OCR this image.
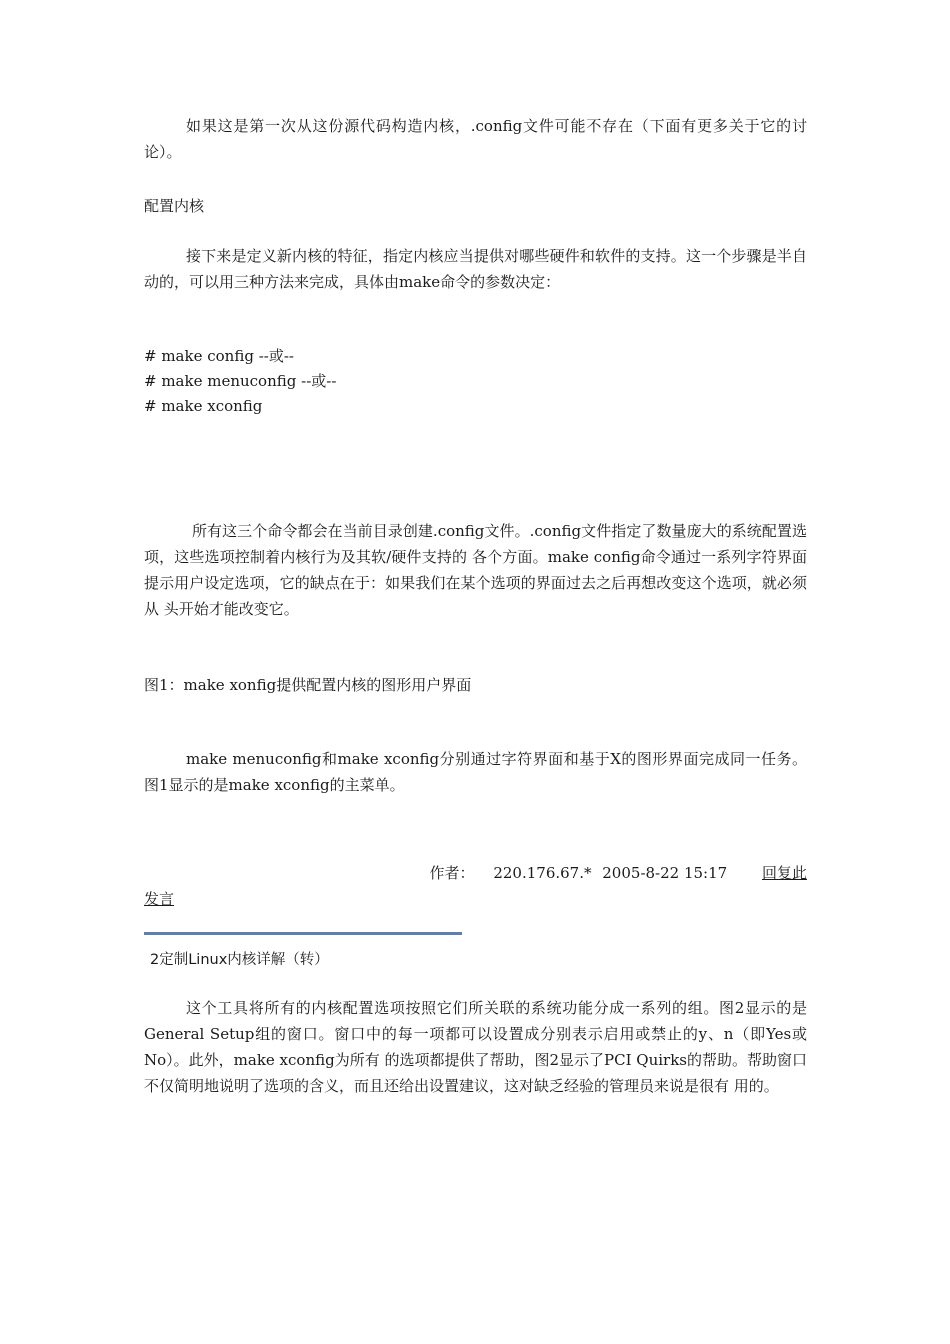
如果这是第一次从这份源代码构造内核，.config文件可能不存在（下面有更多关于它的讨论）。

配置内核

接下来是定义新内核的特征，指定内核应当提供对哪些硬件和软件的支持。这一个步骤是半自动的，可以用三种方法来完成，具体由make命令的参数决定：

# make config --或--

# make menuconfig --或--

# make xconfig

所有这三个命令都会在当前目录创建.config文件。.config文件指定了数量庞大的系统配置选项，这些选项控制着内核行为及其软/硬件支持的 各个方面。make config命令通过一系列字符界面提示用户设定选项，它的缺点在于：如果我们在某个选项的界面过去之后再想改变这个选项，就必须从 头开始才能改变它。

图1：make xonfig提供配置内核的图形用户界面

make menuconfig和make xconfig分别通过字符界面和基于X的图形界面完成同一任务。图1显示的是make xconfig的主菜单。

作者： 220.176.67.* 2005-8-22 15:17 回复此

发言

2定制Linux内核详解（转）

这个工具将所有的内核配置选项按照它们所关联的系统功能分成一系列的组。图2显示的是 General Setup组的窗口。窗口中的每一项都可以设置成分别表示启用或禁止的y、n（即Yes或No）。此外，make xconfig为所有 的选项都提供了帮助，图2显示了PCI Quirks的帮助。帮助窗口不仅简明地说明了选项的含义，而且还给出设置建议，这对缺乏经验的管理员来说是很有 用的。
